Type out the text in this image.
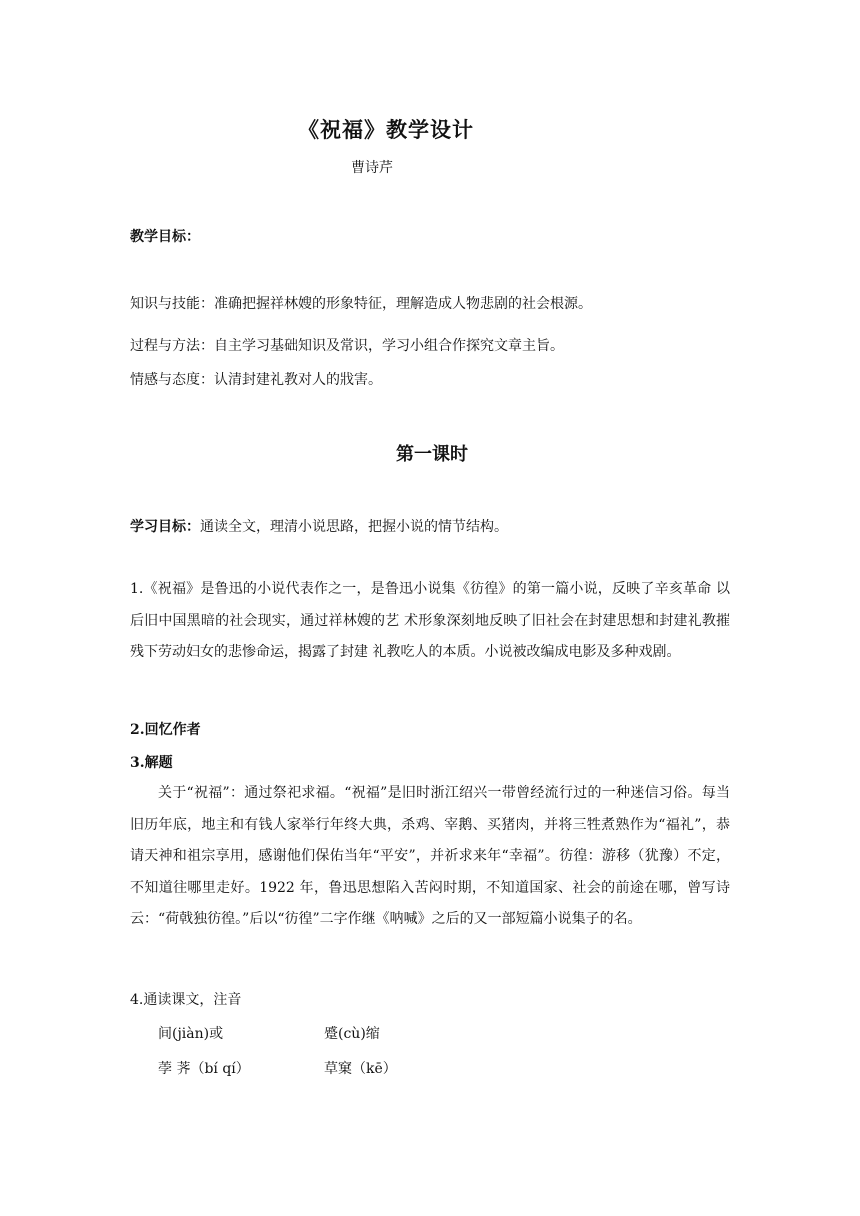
《祝福》教学设计
曹诗芹
教学目标：
知识与技能：准确把握祥林嫂的形象特征，理解造成人物悲剧的社会根源。
过程与方法：自主学习基础知识及常识，学习小组合作探究文章主旨。
情感与态度：认清封建礼教对人的戕害。
第一课时
学习目标：通读全文，理清小说思路，把握小说的情节结构。
1.《祝福》是鲁迅的小说代表作之一，是鲁迅小说集《彷徨》的第一篇小说，反映了辛亥革命 以后旧中国黑暗的社会现实，通过祥林嫂的艺 术形象深刻地反映了旧社会在封建思想和封建礼教摧残下劳动妇女的悲惨命运，揭露了封建 礼教吃人的本质。小说被改编成电影及多种戏剧。
2.回忆作者
3.解题
关于“祝福”：通过祭祀求福。“祝福”是旧时浙江绍兴一带曾经流行过的一种迷信习俗。每当旧历年底，地主和有钱人家举行年终大典，杀鸡、宰鹅、买猪肉，并将三牲煮熟作为“福礼”，恭请天神和祖宗享用，感谢他们保佑当年“平安”，并祈求来年“幸福”。彷徨：游移（犹豫）不定，不知道往哪里走好。1922 年，鲁迅思想陷入苦闷时期，不知道国家、社会的前途在哪，曾写诗云：“荷戟独彷徨。”后以“彷徨”二字作继《呐喊》之后的又一部短篇小说集子的名。
4.通读课文，注音
间(jiàn)或	蹙(cù)缩
荸 荠（bí qí）	草窠（kē）
